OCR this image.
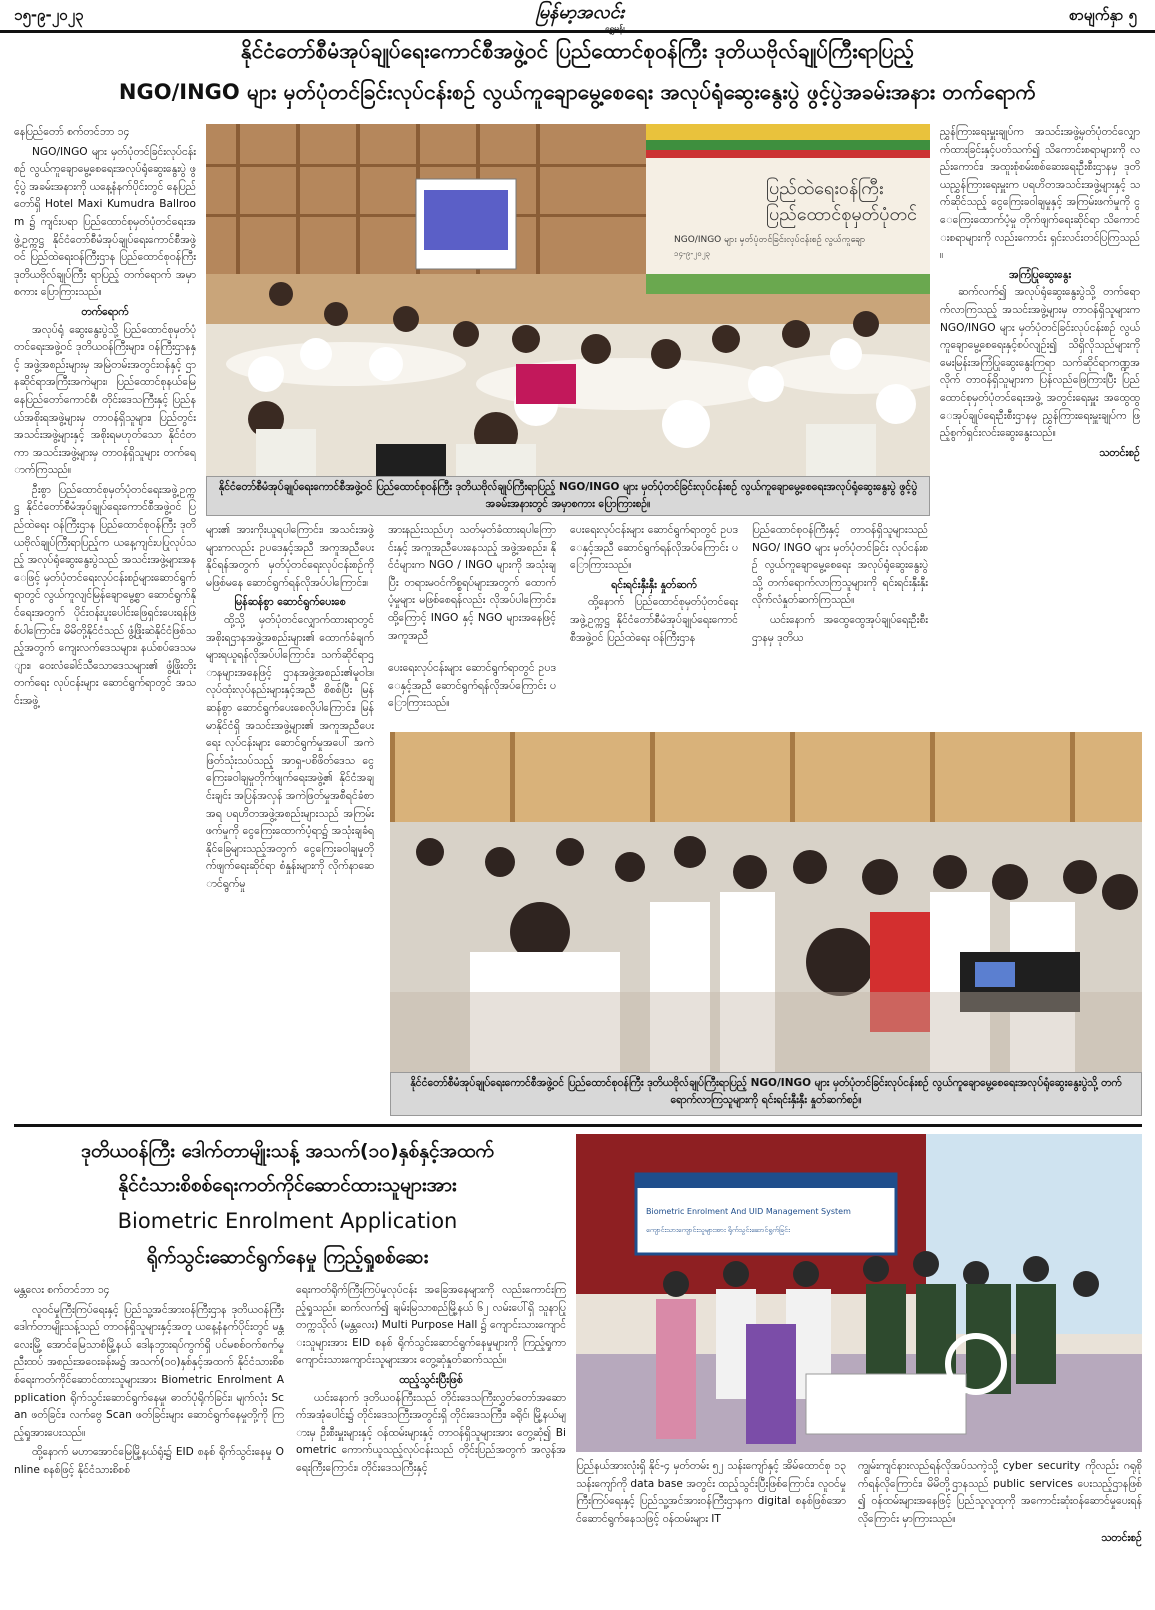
၁၅-၉-၂၀၂၃	မြန်မာ့အလင်း
ရွှေမန်း
စာမျက်နှာ ၅
နိုင်ငံတော်စီမံအုပ်ချုပ်ရေးကောင်စီအဖွဲ့ဝင် ပြည်ထောင်စုဝန်ကြီး ဒုတိယဗိုလ်ချုပ်ကြီးရာပြည့်
NGO/INGO များ မှတ်ပုံတင်ခြင်းလုပ်ငန်းစဉ် လွယ်ကူချောမွေ့စေရေး အလုပ်ရုံဆွေးနွေးပွဲ ဖွင့်ပွဲအခမ်းအနား တက်ရောက်

နေပြည်တော် စက်တင်ဘာ ၁၄

NGO/INGO များ မှတ်ပုံတင်ခြင်းလုပ်ငန်းစဉ် လွယ်ကူချောမွေ့စေရေးအလုပ်ရုံဆွေးနွေးပွဲ ဖွင့်ပွဲ အခမ်းအနားကို ယနေ့နံနက်ပိုင်းတွင် နေပြည်တော်ရှိ Hotel Maxi Kumudra Ballroom ၌ ကျင်းပရာ ပြည်ထောင်စုမှတ်ပုံတင်ရေးအဖွဲ့ဥက္ကဋ္ဌ နိုင်ငံတော်စီမံအုပ်ချုပ်ရေးကောင်စီအဖွဲ့ဝင် ပြည်ထဲရေးဝန်ကြီးဌာန ပြည်ထောင်စုဝန်ကြီး ဒုတိယဗိုလ်ချုပ်ကြီး ရာပြည့် တက်ရောက် အမှာစကား ပြောကြားသည်။

တက်ရောက်

အလုပ်ရုံ ဆွေးနွေးပွဲသို့ ပြည်ထောင်စုမှတ်ပုံတင်ရေးအဖွဲ့ဝင် ဒုတိယဝန်ကြီးများ၊ ဝန်ကြီးဌာနနှင့် အဖွဲ့အစည်းများမှ အမြဲတမ်းအတွင်းဝန်နှင့် ဌာနဆိုင်ရာအကြီးအကဲများ၊ ပြည်ထောင်စုနယ်မြေ နေပြည်တော်ကောင်စီ၊ တိုင်းဒေသကြီးနှင့် ပြည်နယ်အစိုးရအဖွဲ့များမှ တာဝန်ရှိသူများ၊ ပြည်တွင်းအသင်းအဖွဲ့များနှင့် အစိုးရမဟုတ်သော နိုင်ငံတကာ အသင်းအဖွဲ့များမှ တာဝန်ရှိသူများ တက်ရောက်ကြသည်။

ဦးစွာ ပြည်ထောင်စုမှတ်ပုံတင်ရေးအဖွဲ့ဥက္ကဋ္ဌ နိုင်ငံတော်စီမံအုပ်ချုပ်ရေးကောင်စီအဖွဲ့ဝင် ပြည်ထဲရေး ဝန်ကြီးဌာန ပြည်ထောင်စုဝန်ကြီး ဒုတိယဗိုလ်ချုပ်ကြီးရာပြည့်က ယနေ့ကျင်းပပြုလုပ်သည့် အလုပ်ရုံဆွေးနွေးပွဲသည် အသင်းအဖွဲ့များအနေဖြင့် မှတ်ပုံတင်ရေးလုပ်ငန်းစဉ်များဆောင်ရွက်ရာတွင် လွယ်ကူလျင်မြန်ချောမွေ့စွာ ဆောင်ရွက်နိုင်ရေးအတွက် ပိုင်းဝန်းပူးပေါင်းဖြေရှင်းပေးရန်ဖြစ်ပါကြောင်း၊ မိမိတို့နိုင်ငံသည် ဖွံ့ဖြိုးဆဲနိုင်ငံဖြစ်သည့်အတွက် ကျေးလက်ဒေသများ၊ နယ်စပ်ဒေသများ၊ ဝေးလံခေါင်သီသောဒေသများ၏ ဖွံ့ဖြိုးတိုးတက်ရေး လုပ်ငန်းများ ဆောင်ရွက်ရာတွင် အသင်းအဖွဲ့

ပြည်ထဲရေးဝန်ကြီး
ပြည်ထောင်စုမှတ်ပုံတင်
NGO/INGO များ မှတ်ပုံတင်ခြင်းလုပ်ငန်းစဉ် လွယ်ကူချော
၁၄-၉-၂၀၂၃
နိုင်ငံတော်စီမံအုပ်ချုပ်ရေးကောင်စီအဖွဲ့ဝင် ပြည်ထောင်စုဝန်ကြီး ဒုတိယဗိုလ်ချုပ်ကြီးရာပြည့် NGO/INGO များ မှတ်ပုံတင်ခြင်းလုပ်ငန်းစဉ် လွယ်ကူချောမွေ့စေရေးအလုပ်ရုံဆွေးနွေးပွဲ ဖွင့်ပွဲအခမ်းအနားတွင် အမှာစကား ပြောကြားစဉ်။

ညွှန်ကြားရေးမှူးချုပ်က အသင်းအဖွဲ့မှတ်ပုံတင်လျှောက်ထားခြင်းနှင့်ပတ်သက်၍ သိကောင်းစရာများကို လည်းကောင်း၊ အထူးစုံစမ်းစစ်ဆေးရေးဦးစီးဌာနမှ ဒုတိယညွှန်ကြားရေးမှူးက ပရဟိတအသင်းအဖွဲ့များနှင့် သက်ဆိုင်သည့် ငွေကြေးခဝါချမှုနှင့် အကြမ်းဖက်မှုကို ငွေကြေးထောက်ပံ့မှု တိုက်ဖျက်ရေးဆိုင်ရာ သိကောင်းစရာများကို လည်းကောင်း ရှင်းလင်းတင်ပြကြသည်။

အကြံပြုဆွေးနွေး

ဆက်လက်၍ အလုပ်ရုံဆွေးနွေးပွဲသို့ တက်ရောက်လာကြသည့် အသင်းအဖွဲ့များမှ တာဝန်ရှိသူများက NGO/INGO များ မှတ်ပုံတင်ခြင်းလုပ်ငန်းစဉ် လွယ်ကူချောမွေ့စေရေးနှင့်စပ်လျဉ်း၍ သိရှိလိုသည်များကို မေးမြန်းအကြံပြုဆွေးနွေးကြရာ သက်ဆိုင်ရာကဏ္ဍအလိုက် တာဝန်ရှိသူများက ပြန်လည်ဖြေကြားပြီး ပြည်ထောင်စုမှတ်ပုံတင်ရေးအဖွဲ့ အတွင်းရေးမှူး အထွေထွေအုပ်ချုပ်ရေးဦးစီးဌာနမှ ညွှန်ကြားရေးမှူးချုပ်က ဖြည့်စွက်ရှင်းလင်းဆွေးနွေးသည်။

သတင်းစဉ်

များ၏ အားကိုးယူရပါကြောင်း၊ အသင်းအဖွဲ့များကလည်း ဥပဒေနှင့်အညီ အကူအညီပေးနိုင်ရန်အတွက် မှတ်ပုံတင်ရေးလုပ်ငန်းစဉ်ကို မဖြစ်မနေ ဆောင်ရွက်ရန်လိုအပ်ပါကြောင်း။

မြန်ဆန်စွာ ဆောင်ရွက်ပေးစေ

ထို့သို့ မှတ်ပုံတင်လျှောက်ထားရာတွင် အစိုးရဌာနအဖွဲ့အစည်းများ၏ ထောက်ခံချက်များရယူရန်လိုအပ်ပါကြောင်း၊ သက်ဆိုင်ရာဌာနများအနေဖြင့် ဌာနအဖွဲ့အစည်း၏မူဝါဒ၊ လုပ်ထုံးလုပ်နည်းများနှင့်အညီ စိစစ်ပြီး မြန်ဆန်စွာ ဆောင်ရွက်ပေးစေလိုပါကြောင်း၊ မြန်မာနိုင်ငံရှိ အသင်းအဖွဲ့များ၏ အကူအညီပေးရေး လုပ်ငန်းများ ဆောင်ရွက်မှုအပေါ် အကဲဖြတ်သုံးသပ်သည့် အာရှ-ပစိဖိတ်ဒေသ ငွေကြေးခဝါချမှုတိုက်ဖျက်ရေးအဖွဲ့၏ နိုင်ငံအချင်းချင်း အပြန်အလှန် အကဲဖြတ်မှုအစီရင်ခံစာအရ ပရဟိတအဖွဲ့အစည်းများသည် အကြမ်းဖက်မှုကို ငွေကြေးထောက်ပံ့ရာ၌ အသုံးချခံရနိုင်ခြေများသည့်အတွက် ငွေကြေးခဝါချမှုတိုက်ဖျက်ရေးဆိုင်ရာ စံနှုန်းများကို လိုက်နာဆောင်ရွက်မှု

အားနည်းသည်ဟု သတ်မှတ်ခံထားရပါကြောင်းနှင့် အကူအညီပေးနေသည့် အဖွဲ့အစည်း၊ နိုင်ငံများက NGO / INGO များကို အသုံးချပြီး တရားမဝင်ကိစ္စရပ်များအတွက် ထောက်ပံ့မှုများ မဖြစ်စေရန်လည်း လိုအပ်ပါကြောင်း၊ ထို့ကြောင့် INGO နှင့် NGO များအနေဖြင့် အကူအညီ

ပေးရေးလုပ်ငန်းများ ဆောင်ရွက်ရာတွင် ဥပဒေနှင့်အညီ ဆောင်ရွက်ရန်လိုအပ်ကြောင်း ပြောကြားသည်။

ရင်းရင်းနှီးနှီး နှုတ်ဆက်

ထို့နောက် ပြည်ထောင်စုမှတ်ပုံတင်ရေးအဖွဲ့ဥက္ကဋ္ဌ နိုင်ငံတော်စီမံအုပ်ချုပ်ရေးကောင်စီအဖွဲ့ဝင် ပြည်ထဲရေး ဝန်ကြီးဌာန

ပြည်ထောင်စုဝန်ကြီးနှင့် တာဝန်ရှိသူများသည် NGO/ INGO များ မှတ်ပုံတင်ခြင်း လုပ်ငန်းစဉ် လွယ်ကူချောမွေ့စေရေး အလုပ်ရုံဆွေးနွေးပွဲသို့ တက်ရောက်လာကြသူများကို ရင်းရင်းနှီးနှီး လိုက်လံနှုတ်ဆက်ကြသည်။

ယင်းနောက် အထွေထွေအုပ်ချုပ်ရေးဦးစီးဌာနမှ ဒုတိယ

နိုင်ငံတော်စီမံအုပ်ချုပ်ရေးကောင်စီအဖွဲ့ဝင် ပြည်ထောင်စုဝန်ကြီး ဒုတိယဗိုလ်ချုပ်ကြီးရာပြည့် NGO/INGO များ မှတ်ပုံတင်ခြင်းလုပ်ငန်းစဉ် လွယ်ကူချောမွေ့စေရေးအလုပ်ရုံဆွေးနွေးပွဲသို့ တက်ရောက်လာကြသူများကို ရင်းရင်းနှီးနှီး နှုတ်ဆက်စဉ်။
ဒုတိယဝန်ကြီး ဒေါက်တာမျိုးသန့် အသက်(၁၀)နှစ်နှင့်အထက်
နိုင်ငံသားစိစစ်ရေးကတ်ကိုင်ဆောင်ထားသူများအား
Biometric Enrolment Application
ရိုက်သွင်းဆောင်ရွက်နေမှု ကြည့်ရှုစစ်ဆေး

မန္တလေး စက်တင်ဘာ ၁၄

လူဝင်မှုကြီးကြပ်ရေးနှင့် ပြည်သူ့အင်အားဝန်ကြီးဌာန ဒုတိယဝန်ကြီး ဒေါက်တာမျိုးသန့်သည် တာဝန်ရှိသူများနှင့်အတူ ယနေ့နံနက်ပိုင်းတွင် မန္တလေးမြို့ အောင်မြေသာစံမြို့နယ် ဒေါနဘွားရပ်ကွက်ရှိ ပင်မစစ်ဝက်စက်မှုညီးထပ် အစည်းအဝေးခန်းမ၌ အသက်(၁၀)နှစ်နှင့်အထက် နိုင်ငံသားစိစစ်ရေးကတ်ကိုင်ဆောင်ထားသူများအား Biometric Enrolment Application ရိုက်သွင်းဆောင်ရွက်နေမှု၊ ဓာတ်ပုံရိုက်ခြင်း၊ မျက်လုံး Scan ဖတ်ခြင်း၊ လက်ဗွေ Scan ဖတ်ခြင်းများ ဆောင်ရွက်နေမှုတို့ကို ကြည့်ရှုအားပေးသည်။

ထို့နောက် မဟာအောင်မြေမြို့နယ်ရုံး၌ EID စနစ် ရိုက်သွင်းနေမှု Online စနစ်ဖြင့် နိုင်ငံသားစိစစ်

ရေးကတ်ရိုက်ကြီးကြပ်မှုလုပ်ငန်း အခြေအနေများကို လည်းကောင်းကြည့်ရှုသည်။ ဆက်လက်၍ ချမ်းမြသာစည်မြို့နယ် ၆၂ လမ်းပေါ်ရှိ သူနာပြုတက္ကသိုလ် (မန္တလေး) Multi Purpose Hall ၌ ကျောင်းသားကျောင်းသူများအား EID စနစ် ရိုက်သွင်းဆောင်ရွက်နေမှုများကို ကြည့်ရှုကာ ကျောင်းသားကျောင်းသူများအား တွေ့ဆုံနှုတ်ဆက်သည်။

ထည့်သွင်းပြီးဖြစ်

ယင်းနောက် ဒုတိယဝန်ကြီးသည် တိုင်းဒေသကြီးလွှတ်တော်အဆောက်အအုံပေါင်း၌ တိုင်းဒေသကြီးအတွင်းရှိ တိုင်းဒေသကြီး၊ ခရိုင်၊ မြို့နယ်များမှ ဦးစီးမှူးများနှင့် ဝန်ထမ်းများနှင့် တာဝန်ရှိသူများအား တွေ့ဆုံ၍ Biometric ကောက်ယူသည့်လုပ်ငန်းသည် တိုင်းပြည်အတွက် အလွန်အရေးကြီးကြောင်း၊ တိုင်းဒေသကြီးနှင့်

Biometric Enrolment And UID Management System
ကျောင်းသားကျောင်းသူများအား ရိုက်သွင်းဆောင်ရွက်ခြင်း

ပြည်နယ်အားလုံးရှိ နိုင်-၄ မှတ်တမ်း ၅၂ သန်းကျော်နှင့် အိမ်ထောင်စု ၁၃ သန်းကျော်ကို data base အတွင်း ထည့်သွင်းပြီးဖြစ်ကြောင်း၊ လူဝင်မှုကြီးကြပ်ရေးနှင့် ပြည်သူ့အင်အားဝန်ကြီးဌာနက digital စနစ်ဖြစ်အောင်ဆောင်ရွက်နေသဖြင့် ဝန်ထမ်းများ IT

ကျွမ်းကျင်နားလည်ရန်လိုအပ်သကဲ့သို့ cyber security ကိုလည်း ဂရုစိုက်ရန်လိုကြောင်း၊ မိမိတို့ဌာနသည် public services ပေးသည့်ဌာနဖြစ်၍ ဝန်ထမ်းများအနေဖြင့် ပြည်သူလူထုကို အကောင်းဆုံးဝန်ဆောင်မှုပေးရန်လိုကြောင်း မှာကြားသည်။

သတင်းစဉ်

ပေးရေးလုပ်ငန်းများ ဆောင်ရွက်ရာတွင် ဥပဒေနှင့်အညီ ဆောင်ရွက်ရန်လိုအပ်ကြောင်း ပြောကြားသည်။
